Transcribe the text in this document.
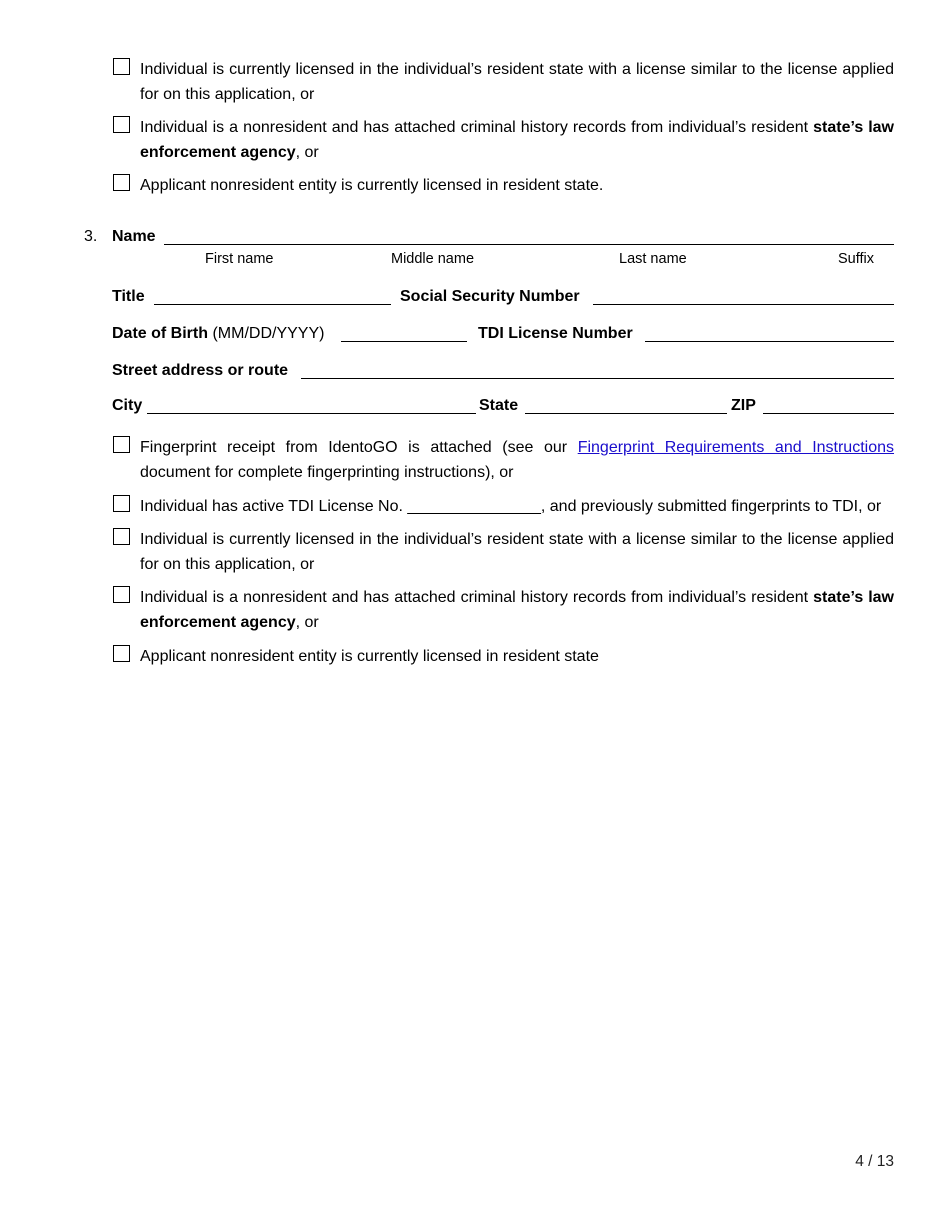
Individual is currently licensed in the individual’s resident state with a license similar to the license applied for on this application, or
Individual is a nonresident and has attached criminal history records from individual’s resident state’s law enforcement agency, or
Applicant nonresident entity is currently licensed in resident state.
3. Name
First name	Middle name	Last name	Suffix
Title	Social Security Number
Date of Birth (MM/DD/YYYY)	TDI License Number
Street address or route
City	State	ZIP
Fingerprint receipt from IdentoGO is attached (see our Fingerprint Requirements and Instructions document for complete fingerprinting instructions), or
Individual has active TDI License No. _______________, and previously submitted fingerprints to TDI, or
Individual is currently licensed in the individual’s resident state with a license similar to the license applied for on this application, or
Individual is a nonresident and has attached criminal history records from individual’s resident state’s law enforcement agency, or
Applicant nonresident entity is currently licensed in resident state
4 / 13
